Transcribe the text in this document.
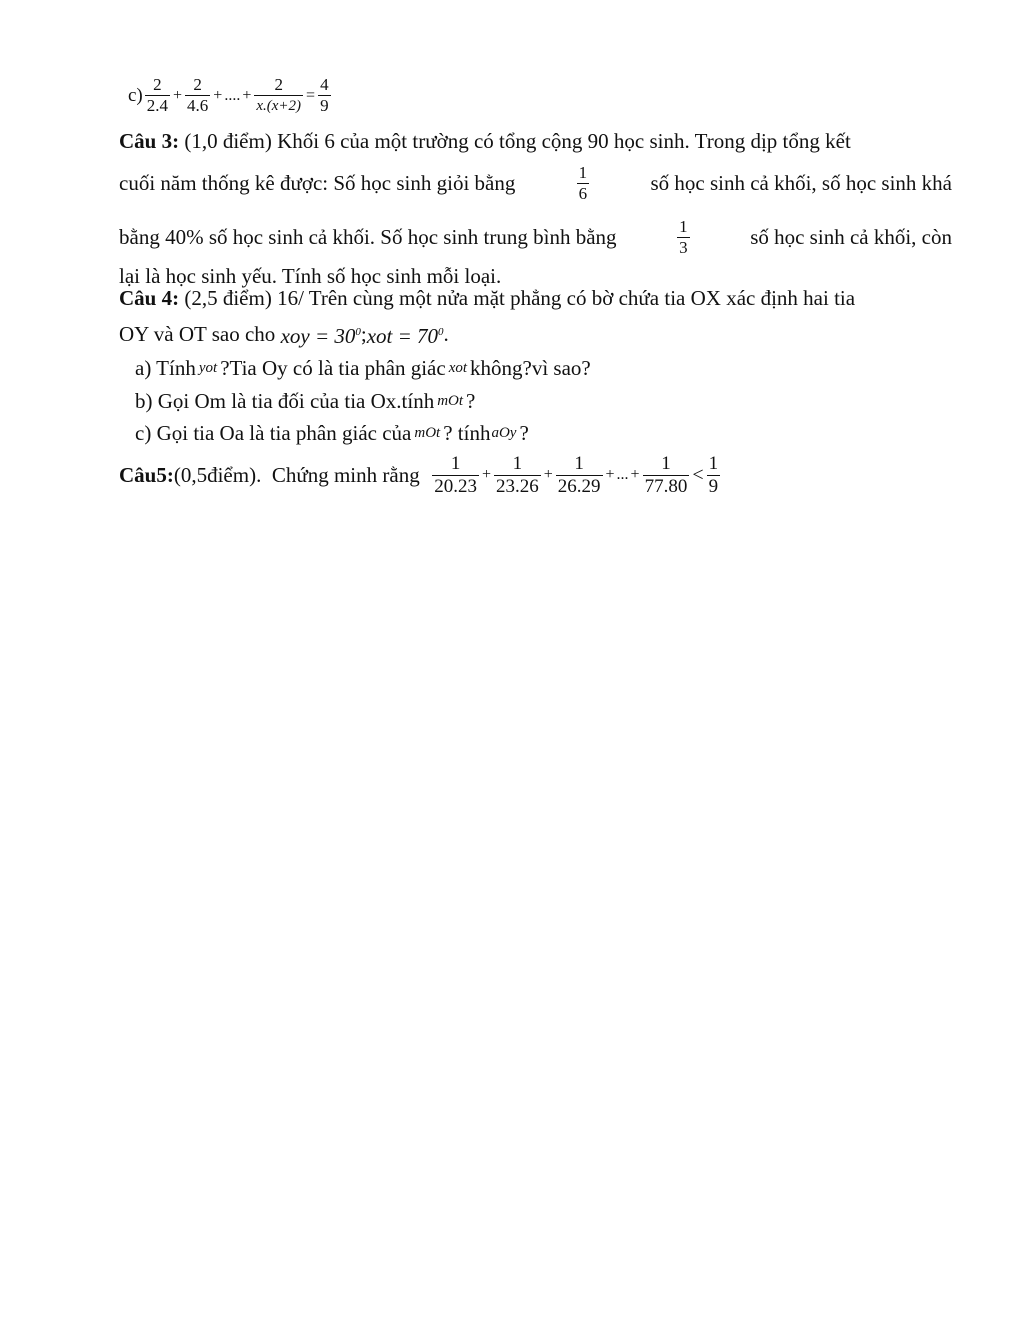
$c) \frac{2}{2.4} + \frac{2}{4.6}$ + .... + $\frac{2}{x.(x+2)} = \frac{4}{9}$
Câu 3: (1,0 điểm) Khối 6 của một trường có tổng cộng 90 học sinh. Trong dịp tổng kết
cuối năm thống kê được: Số học sinh giỏi bằng	$\frac{1}{6}$	số học sinh cả khối, số học sinh khá
bằng 40% số học sinh cả khối. Số học sinh trung bình bằng	$\frac{1}{3}$	số học sinh cả khối, còn
lại là học sinh yếu. Tính số học sinh mỗi loại.
Câu 4: (2,5 điểm) 16/ Trên cùng một nửa mặt phẳng có bờ chứa tia OX xác định hai tia
OY và OT sao cho
xoy = $30^0$ ; xot = $70^0$ .
a) Tính yot ?Tia Oy có là tia phân giác xot không?vì sao?
b) Gọi Om là tia đối của tia Ox.tính mOt ?
c) Gọi tia Oa là tia phân giác của mOt ? tính aOy ?
Câu5: (0,5điểm).  Chứng minh rằng
$\frac{1}{20.23} + \frac{1}{23.26} + \frac{1}{26.29}$ + ... + $\frac{1}{77.80} < \frac{1}{9}$
